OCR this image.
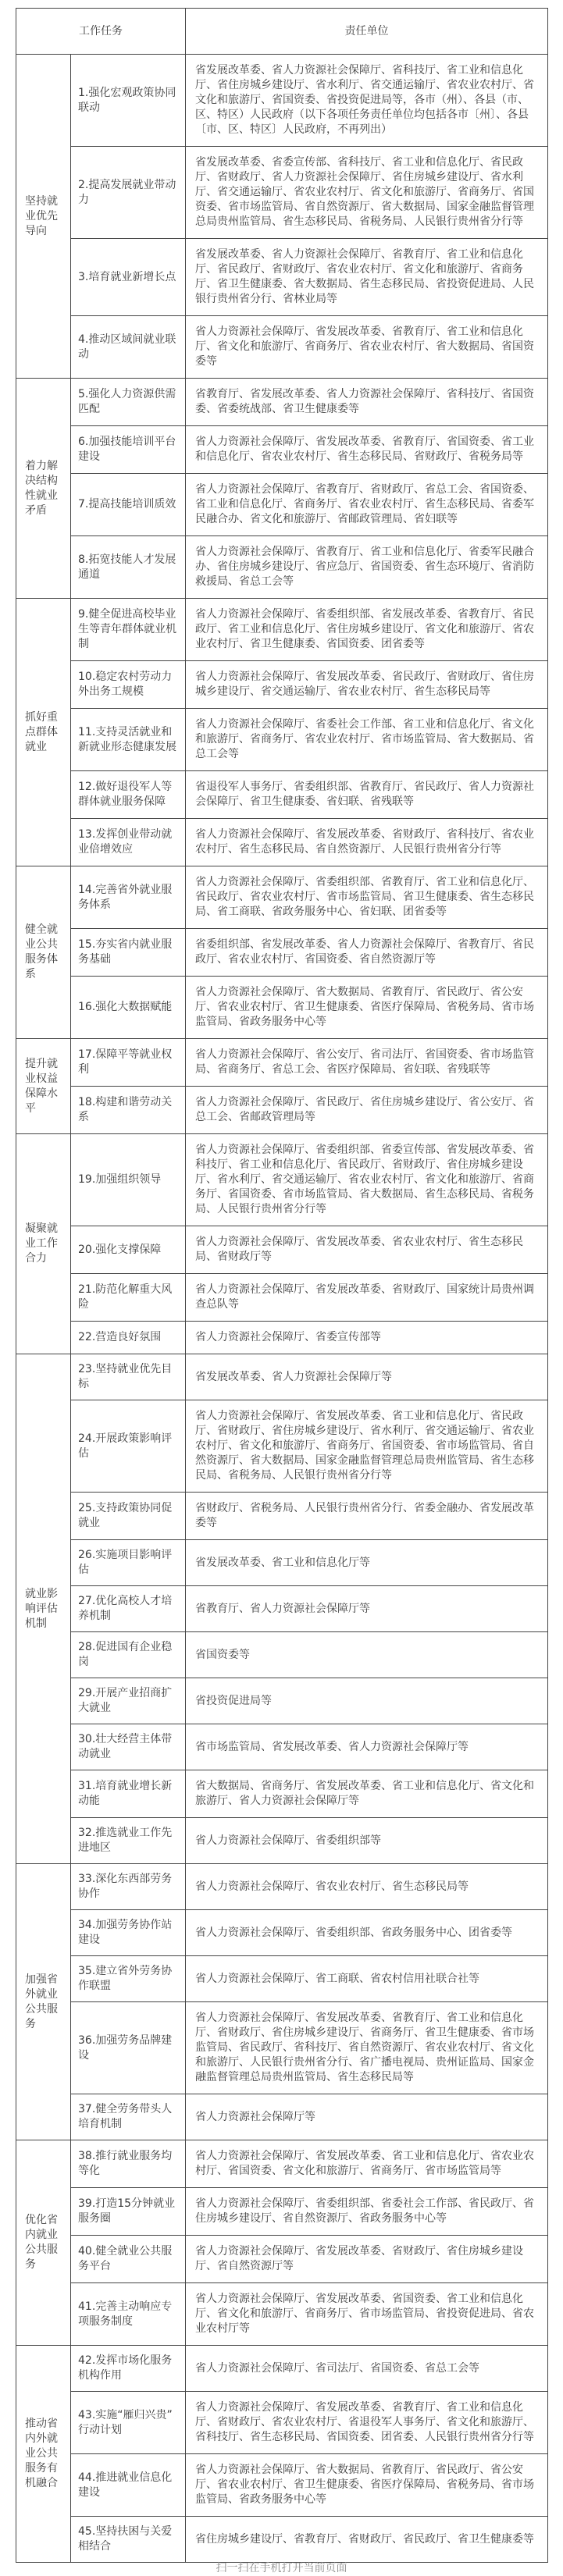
工作任务		责任单位
坚持就业优先导向	1.强化宏观政策协同联动	省发展改革委、省人力资源社会保障厅、省科技厅、省工业和信息化厅、省住房城乡建设厅、省水利厅、省交通运输厅、省农业农村厅、省文化和旅游厅、省国资委、省投资促进局等，各市（州）、各县（市、区、特区）人民政府（以下各项任务责任单位均包括各市〔州〕、各县〔市、区、特区〕人民政府，不再列出）
	2.提高发展就业带动力	省发展改革委、省委宣传部、省科技厅、省工业和信息化厅、省民政厅、省财政厅、省人力资源社会保障厅、省住房城乡建设厅、省水利厅、省交通运输厅、省农业农村厅、省文化和旅游厅、省商务厅、省国资委、省市场监管局、省自然资源厅、省大数据局、国家金融监督管理总局贵州监管局、省生态移民局、省税务局、人民银行贵州省分行等
	3.培育就业新增长点	省发展改革委、省人力资源社会保障厅、省教育厅、省工业和信息化厅、省民政厅、省财政厅、省农业农村厅、省文化和旅游厅、省商务厅、省卫生健康委、省大数据局、省生态移民局、省投资促进局、人民银行贵州省分行、省林业局等
	4.推动区域间就业联动	省人力资源社会保障厅、省发展改革委、省教育厅、省工业和信息化厅、省文化和旅游厅、省商务厅、省农业农村厅、省大数据局、省国资委等
着力解决结构性就业矛盾	5.强化人力资源供需匹配	省教育厅、省发展改革委、省人力资源社会保障厅、省科技厅、省国资委、省委统战部、省卫生健康委等
	6.加强技能培训平台建设	省人力资源社会保障厅、省发展改革委、省教育厅、省国资委、省工业和信息化厅、省农业农村厅、省生态移民局、省财政厅、省税务局等
	7.提高技能培训质效	省人力资源社会保障厅、省教育厅、省财政厅、省总工会、省国资委、省工业和信息化厅、省商务厅、省农业农村厅、省生态移民局、省委军民融合办、省文化和旅游厅、省邮政管理局、省妇联等
	8.拓宽技能人才发展通道	省人力资源社会保障厅、省教育厅、省工业和信息化厅、省委军民融合办、省住房城乡建设厅、省应急厅、省国资委、省生态环境厅、省消防救援局、省总工会等
抓好重点群体就业	9.健全促进高校毕业生等青年群体就业机制	省人力资源社会保障厅、省委组织部、省发展改革委、省教育厅、省民政厅、省工业和信息化厅、省住房城乡建设厅、省文化和旅游厅、省农业农村厅、省卫生健康委、省国资委、团省委等
	10.稳定农村劳动力外出务工规模	省人力资源社会保障厅、省发展改革委、省民政厅、省财政厅、省住房城乡建设厅、省交通运输厅、省农业农村厅、省生态移民局等
	11.支持灵活就业和新就业形态健康发展	省人力资源社会保障厅、省委社会工作部、省工业和信息化厅、省文化和旅游厅、省商务厅、省农业农村厅、省市场监管局、省大数据局、省总工会等
	12.做好退役军人等群体就业服务保障	省退役军人事务厅、省委组织部、省教育厅、省民政厅、省人力资源社会保障厅、省卫生健康委、省妇联、省残联等
	13.发挥创业带动就业倍增效应	省人力资源社会保障厅、省发展改革委、省财政厅、省科技厅、省农业农村厅、省生态移民局、省自然资源厅、人民银行贵州省分行等
健全就业公共服务体系	14.完善省外就业服务体系	省人力资源社会保障厅、省委组织部、省教育厅、省工业和信息化厅、省民政厅、省农业农村厅、省市场监管局、省卫生健康委、省生态移民局、省工商联、省政务服务中心、省妇联、团省委等
	15.夯实省内就业服务基础	省委组织部、省发展改革委、省人力资源社会保障厅、省教育厅、省民政厅、省农业农村厅、省国资委、省自然资源厅等
	16.强化大数据赋能	省人力资源社会保障厅、省大数据局、省教育厅、省民政厅、省公安厅、省农业农村厅、省卫生健康委、省医疗保障局、省税务局、省市场监管局、省政务服务中心等
提升就业权益保障水平	17.保障平等就业权利	省人力资源社会保障厅、省公安厅、省司法厅、省国资委、省市场监管局、省商务厅、省总工会、省医疗保障局、省妇联、省残联等
	18.构建和谐劳动关系	省人力资源社会保障厅、省民政厅、省住房城乡建设厅、省公安厅、省总工会、省邮政管理局等
凝聚就业工作合力	19.加强组织领导	省人力资源社会保障厅、省委组织部、省委宣传部、省发展改革委、省科技厅、省工业和信息化厅、省民政厅、省财政厅、省住房城乡建设厅、省水利厅、省交通运输厅、省农业农村厅、省文化和旅游厅、省商务厅、省国资委、省市场监管局、省大数据局、省生态移民局、省税务局、人民银行贵州省分行等
	20.强化支撑保障	省人力资源社会保障厅、省发展改革委、省农业农村厅、省生态移民局、省财政厅等
	21.防范化解重大风险	省人力资源社会保障厅、省发展改革委、省财政厅、国家统计局贵州调查总队等
	22.营造良好氛围	省人力资源社会保障厅、省委宣传部等
就业影响评估机制	23.坚持就业优先目标	省发展改革委、省人力资源社会保障厅等
	24.开展政策影响评估	省人力资源社会保障厅、省发展改革委、省工业和信息化厅、省民政厅、省财政厅、省住房城乡建设厅、省水利厅、省交通运输厅、省农业农村厅、省文化和旅游厅、省商务厅、省国资委、省市场监管局、省自然资源厅、省大数据局、国家金融监督管理总局贵州监管局、省生态移民局、省税务局、人民银行贵州省分行等
	25.支持政策协同促就业	省财政厅、省税务局、人民银行贵州省分行、省委金融办、省发展改革委等
	26.实施项目影响评估	省发展改革委、省工业和信息化厅等
	27.优化高校人才培养机制	省教育厅、省人力资源社会保障厅等
	28.促进国有企业稳岗	省国资委等
	29.开展产业招商扩大就业	省投资促进局等
	30.壮大经营主体带动就业	省市场监管局、省发展改革委、省人力资源社会保障厅等
	31.培育就业增长新动能	省大数据局、省商务厅、省发展改革委、省工业和信息化厅、省文化和旅游厅、省人力资源社会保障厅等
	32.推选就业工作先进地区	省人力资源社会保障厅、省委组织部等
加强省外就业公共服务	33.深化东西部劳务协作	省人力资源社会保障厅、省农业农村厅、省生态移民局等
	34.加强劳务协作站建设	省人力资源社会保障厅、省委组织部、省政务服务中心、团省委等
	35.建立省外劳务协作联盟	省人力资源社会保障厅、省工商联、省农村信用社联合社等
	36.加强劳务品牌建设	省人力资源社会保障厅、省发展改革委、省教育厅、省工业和信息化厅、省财政厅、省住房城乡建设厅、省商务厅、省卫生健康委、省市场监管局、省民政厅、省科技厅、省自然资源厅、省农业农村厅、省文化和旅游厅、人民银行贵州省分行、省广播电视局、贵州证监局、国家金融监督管理总局贵州监管局、省生态移民局等
	37.健全劳务带头人培育机制	省人力资源社会保障厅等
优化省内就业公共服务	38.推行就业服务均等化	省人力资源社会保障厅、省发展改革委、省工业和信息化厅、省农业农村厅、省国资委、省文化和旅游厅、省商务厅、省市场监管局等
	39.打造15分钟就业服务圈	省人力资源社会保障厅、省委组织部、省委社会工作部、省民政厅、省住房城乡建设厅、省自然资源厅、省政务服务中心等
	40.健全就业公共服务平台	省人力资源社会保障厅、省发展改革委、省财政厅、省住房城乡建设厅、省自然资源厅等
	41.完善主动响应专项服务制度	省人力资源社会保障厅、省发展改革委、省国资委、省工业和信息化厅、省文化和旅游厅、省商务厅、省市场监管局、省投资促进局、省农业农村厅等
推动省内外就业公共服务有机融合	42.发挥市场化服务机构作用	省人力资源社会保障厅、省司法厅、省国资委、省总工会等
	43.实施“雁归兴贵”行动计划	省人力资源社会保障厅、省发展改革委、省教育厅、省工业和信息化厅、省财政厅、省农业农村厅、省退役军人事务厅、省文化和旅游厅、省科技厅、省生态移民局、省国资委、团省委、人民银行贵州省分行等
	44.推进就业信息化建设	省人力资源社会保障厅、省大数据局、省教育厅、省民政厅、省公安厅、省农业农村厅、省卫生健康委、省医疗保障局、省税务局、省市场监管局、省政务服务中心等
	45.坚持扶困与关爱相结合	省住房城乡建设厅、省教育厅、省财政厅、省民政厅、省卫生健康委等
扫一扫在手机打开当前页面
